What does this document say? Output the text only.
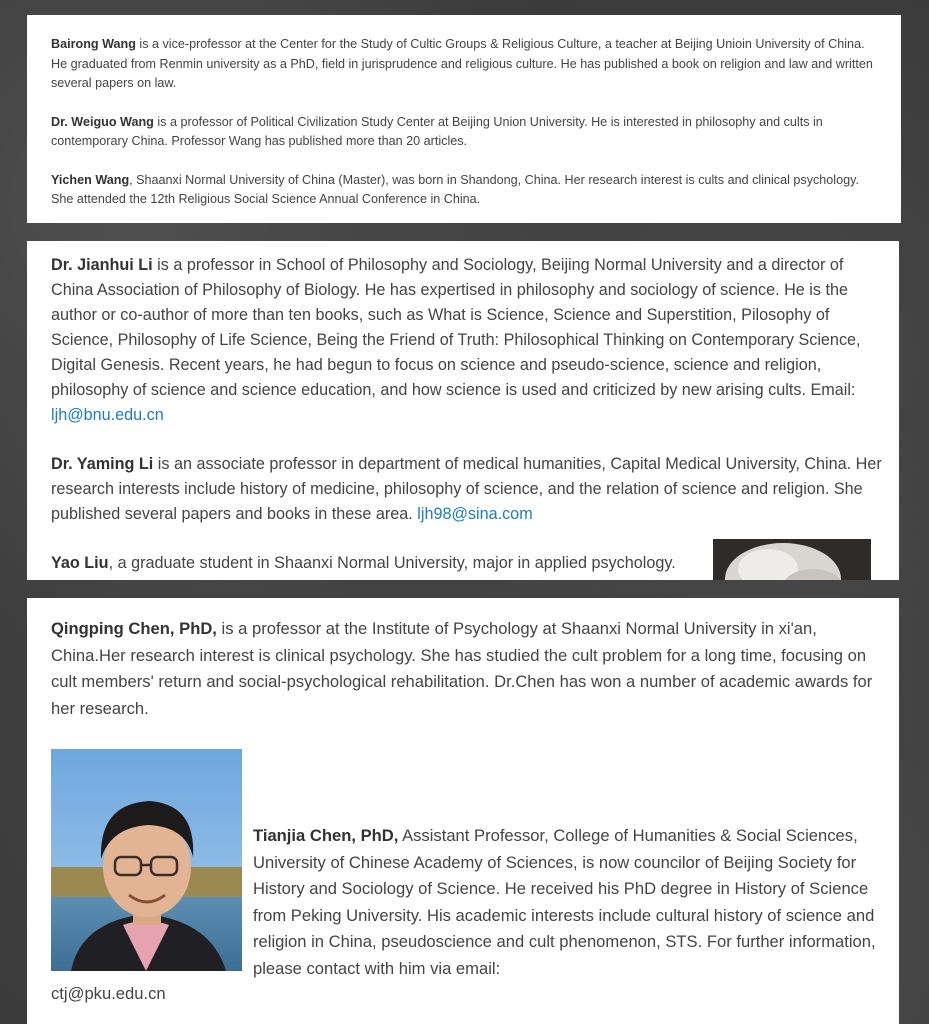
Bairong Wang is a vice-professor at the Center for the Study of Cultic Groups & Religious Culture, a teacher at Beijing Unioin University of China. He graduated from Renmin university as a PhD, field in jurisprudence and religious culture. He has published a book on religion and law and written several papers on law.

Dr. Weiguo Wang is a professor of Political Civilization Study Center at Beijing Union University. He is interested in philosophy and cults in contemporary China. Professor Wang has published more than 20 articles.

Yichen Wang, Shaanxi Normal University of China (Master), was born in Shandong, China. Her research interest is cults and clinical psychology. She attended the 12th Religious Social Science Annual Conference in China.

Dr. Jianhui Li is a professor in School of Philosophy and Sociology, Beijing Normal University and a director of China Association of Philosophy of Biology. He has expertised in philosophy and sociology of science. He is the author or co-author of more than ten books, such as What is Science, Science and Superstition, Pilosophy of Science, Philosophy of Life Science, Being the Friend of Truth: Philosophical Thinking on Contemporary Science, Digital Genesis. Recent years, he had begun to focus on science and pseudo-science, science and religion, philosophy of science and science education, and how science is used and criticized by new arising cults. Email: ljh@bnu.edu.cn

Dr. Yaming Li is an associate professor in department of medical humanities, Capital Medical University, China. Her research interests include history of medicine, philosophy of science, and the relation of science and religion. She published several papers and books in these area. ljh98@sina.com

Yao Liu, a graduate student in Shaanxi Normal University, major in applied psychology.

Qingping Chen, PhD, is a professor at the Institute of Psychology at Shaanxi Normal University in xi'an, China.Her research interest is clinical psychology. She has studied the cult problem for a long time, focusing on cult members' return and social-psychological rehabilitation. Dr.Chen has won a number of academic awards for her research.

Tianjia Chen, PhD, Assistant Professor, College of Humanities & Social Sciences, University of Chinese Academy of Sciences, is now councilor of Beijing Society for History and Sociology of Science. He received his PhD degree in History of Science from Peking University. His academic interests include cultural history of science and religion in China, pseudoscience and cult phenomenon, STS. For further information, please contact with him via email:

ctj@pku.edu.cn
